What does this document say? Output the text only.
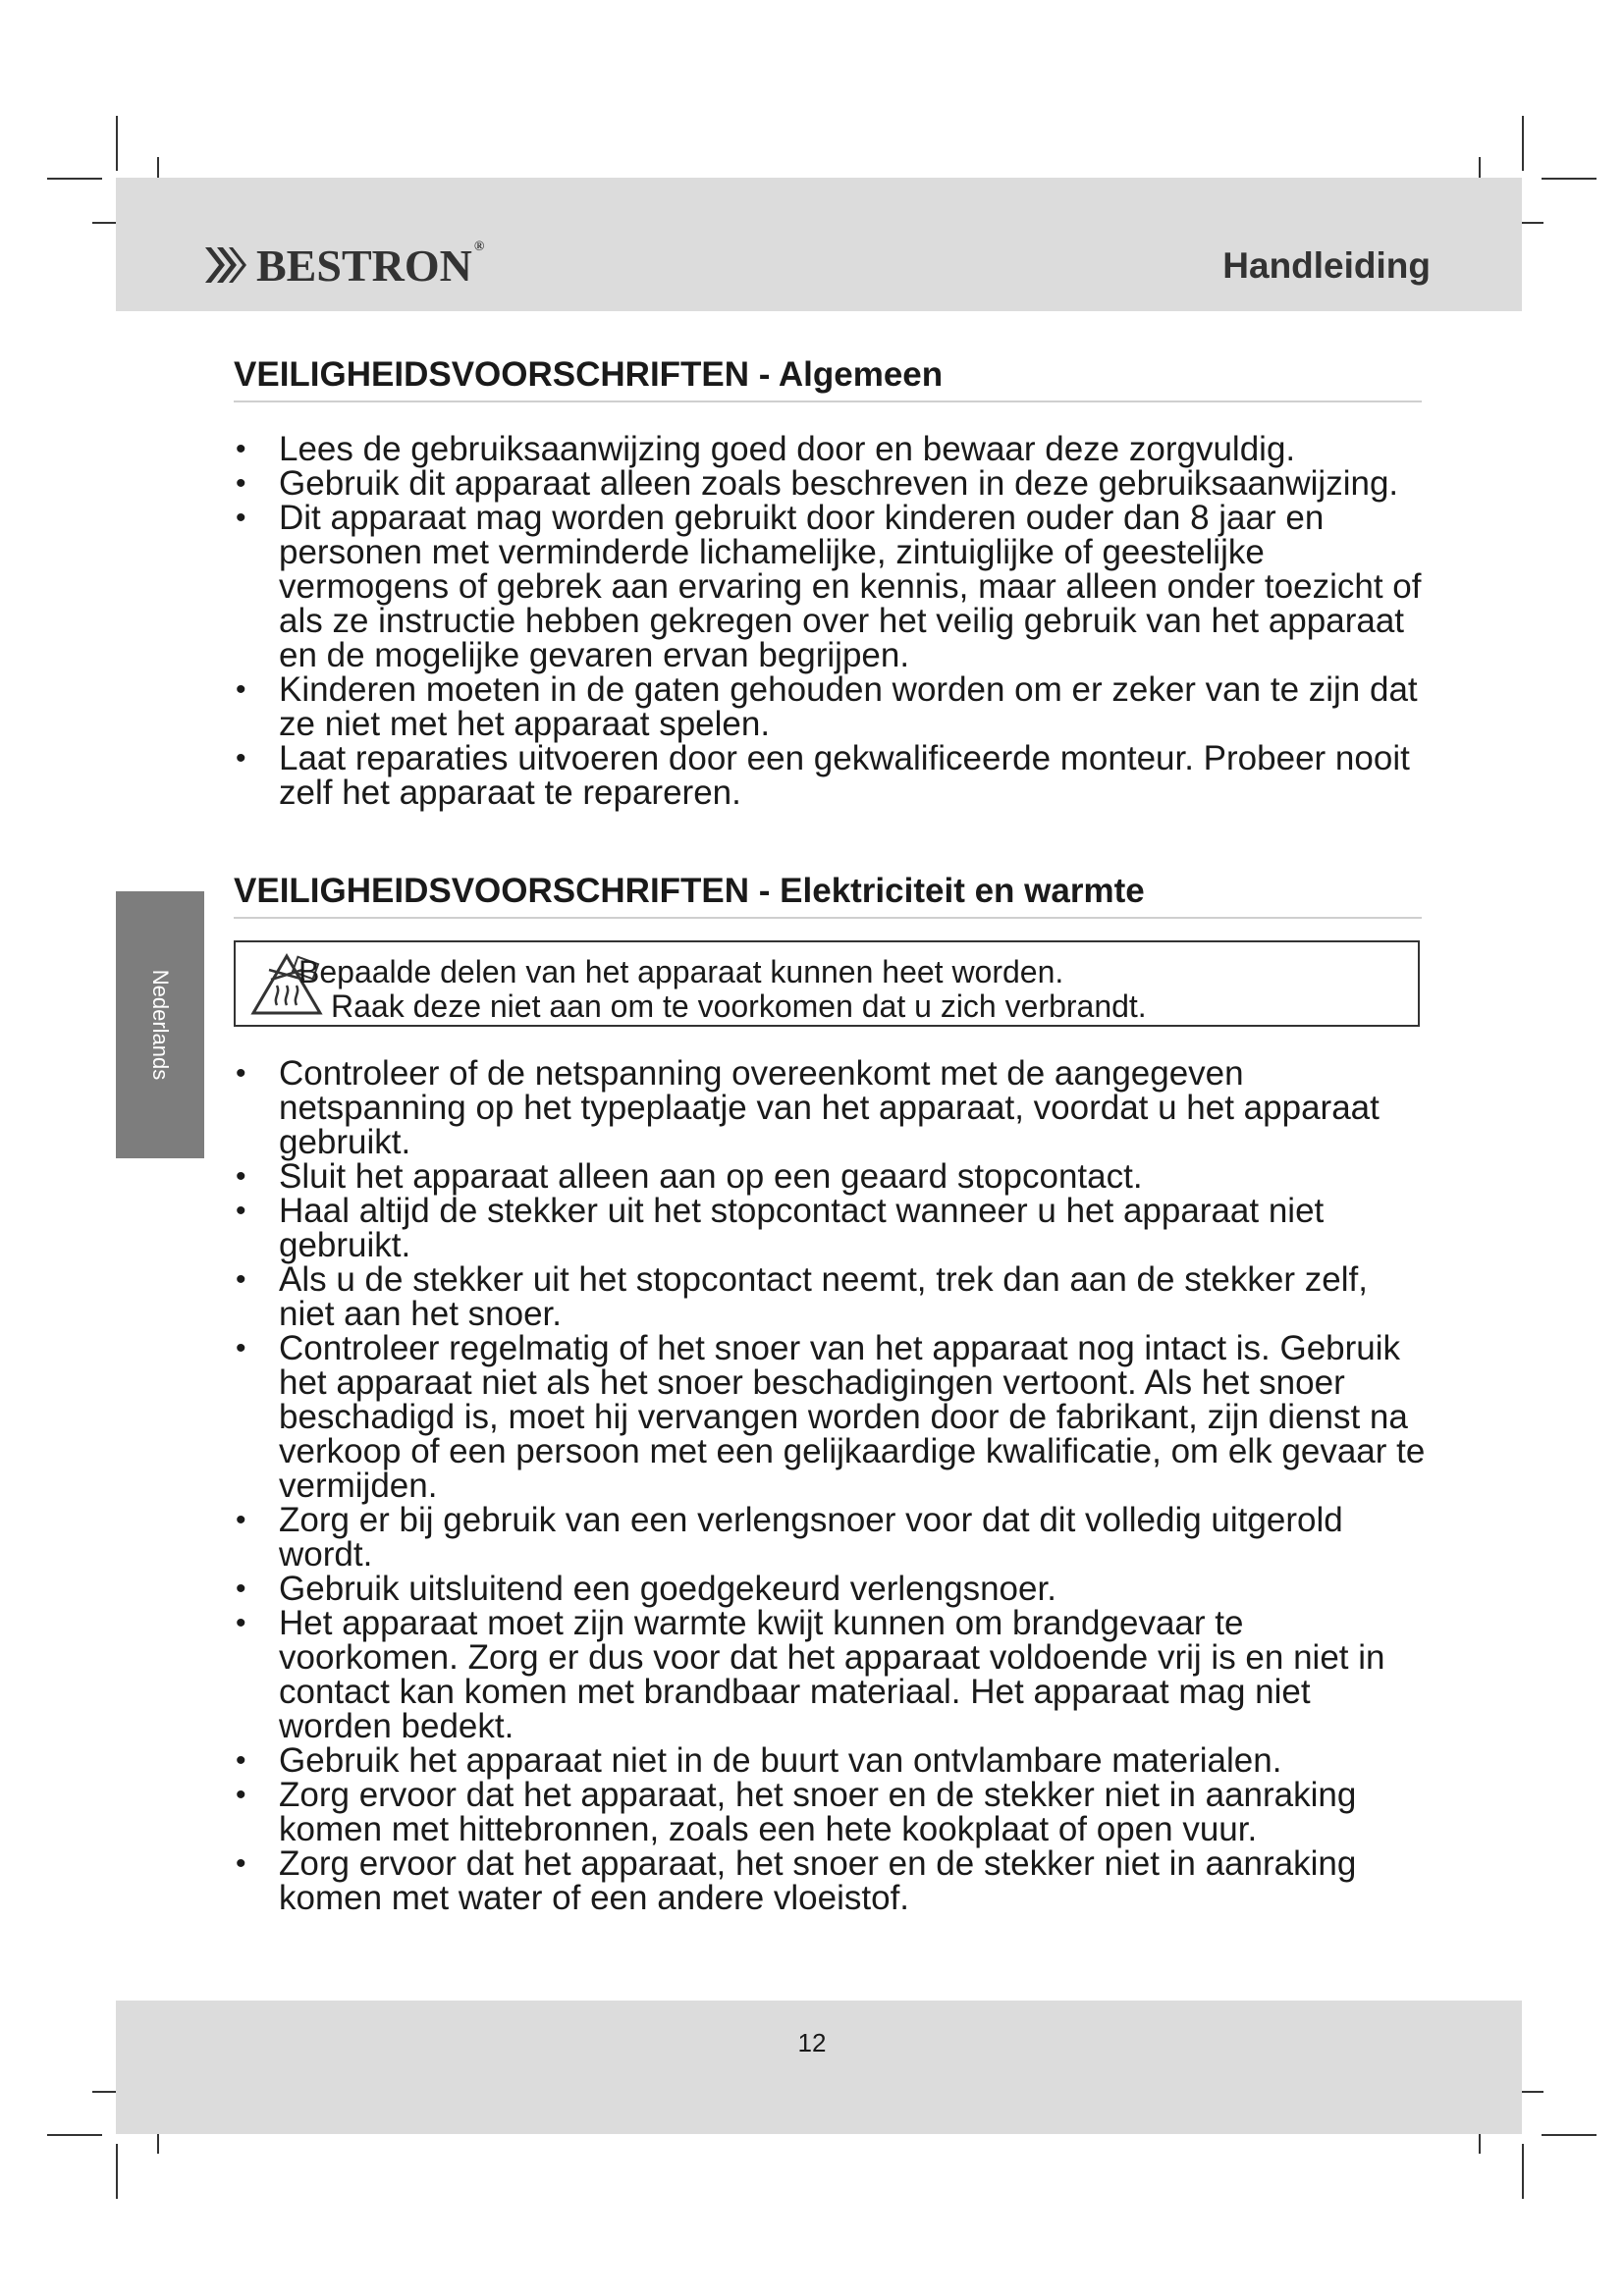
BESTRON ®	Handleiding
Nederlands
VEILIGHEIDSVOORSCHRIFTEN - Algemeen
• Lees de gebruiksaanwijzing goed door en bewaar deze zorgvuldig.
• Gebruik dit apparaat alleen zoals beschreven in deze gebruiksaanwijzing.
• Dit apparaat mag worden gebruikt door kinderen ouder dan 8 jaar en personen met verminderde lichamelijke, zintuiglijke of geestelijke vermogens of gebrek aan ervaring en kennis, maar alleen onder toezicht of als ze instructie hebben gekregen over het veilig gebruik van het apparaat en de mogelijke gevaren ervan begrijpen.
• Kinderen moeten in de gaten gehouden worden om er zeker van te zijn dat ze niet met het apparaat spelen.
• Laat reparaties uitvoeren door een gekwalificeerde monteur. Probeer nooit zelf het apparaat te repareren.
VEILIGHEIDSVOORSCHRIFTEN - Elektriciteit en warmte
Bepaalde delen van het apparaat kunnen heet worden.
Raak deze niet aan om te voorkomen dat u zich verbrandt.
• Controleer of de netspanning overeenkomt met de aangegeven netspanning op het typeplaatje van het apparaat, voordat u het apparaat gebruikt.
• Sluit het apparaat alleen aan op een geaard stopcontact.
• Haal altijd de stekker uit het stopcontact wanneer u het apparaat niet gebruikt.
• Als u de stekker uit het stopcontact neemt, trek dan aan de stekker zelf, niet aan het snoer.
• Controleer regelmatig of het snoer van het apparaat nog intact is. Gebruik het apparaat niet als het snoer beschadigingen vertoont. Als het snoer beschadigd is, moet hij vervangen worden door de fabrikant, zijn dienst na verkoop of een persoon met een gelijkaardige kwalificatie, om elk gevaar te vermijden.
• Zorg er bij gebruik van een verlengsnoer voor dat dit volledig uitgerold wordt.
• Gebruik uitsluitend een goedgekeurd verlengsnoer.
• Het apparaat moet zijn warmte kwijt kunnen om brandgevaar te voorkomen. Zorg er dus voor dat het apparaat voldoende vrij is en niet in contact kan komen met brandbaar materiaal. Het apparaat mag niet worden bedekt.
• Gebruik het apparaat niet in de buurt van ontvlambare materialen.
• Zorg ervoor dat het apparaat, het snoer en de stekker niet in aanraking komen met hittebronnen, zoals een hete kookplaat of open vuur.
• Zorg ervoor dat het apparaat, het snoer en de stekker niet in aanraking komen met water of een andere vloeistof.
12
